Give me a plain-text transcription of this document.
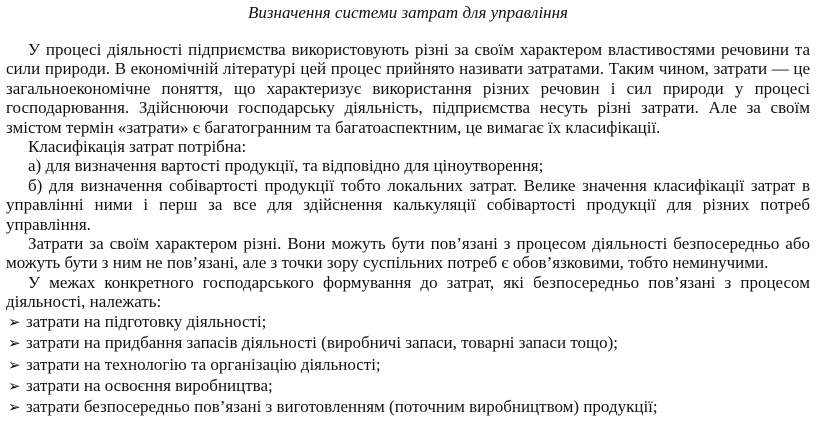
Визначення системи затрат для управління

У процесі діяльності підприємства використовують різні за своїм характером властивостями речовини та сили природи. В економічній літературі цей процес прийнято називати затратами. Таким чином, затрати — це загальноекономічне поняття, що характеризує використання різних речовин і сил природи у процесі господарювання. Здійснюючи господарську діяльність, підприємства несуть різні затрати. Але за своїм змістом термін «затрати» є багатогранним та багатоаспектним, це вимагає їх класифікації.

Класифікація затрат потрібна:

а) для визначення вартості продукції, та відповідно для ціноутворення;

б) для визначення собівартості продукції тобто локальних затрат. Велике значення класифікації затрат в управлінні ними і перш за все для здійснення калькуляції собівартості продукції для різних потреб управління.

Затрати за своїм характером різні. Вони можуть бути пов’язані з процесом діяльності безпосередньо або можуть бути з ним не пов’язані, але з точки зору суспільних потреб є обов’язковими, тобто неминучими.

У межах конкретного господарського формування до затрат, які безпосередньо пов’язані з процесом діяльності, належать:

➢ затрати на підготовку діяльності;
➢ затрати на придбання запасів діяльності (виробничі запаси, товарні запаси тощо);
➢ затрати на технологію та організацію діяльності;
➢ затрати на освоєння виробництва;
➢ затрати безпосередньо пов’язані з виготовленням (поточним виробництвом) продукції;
